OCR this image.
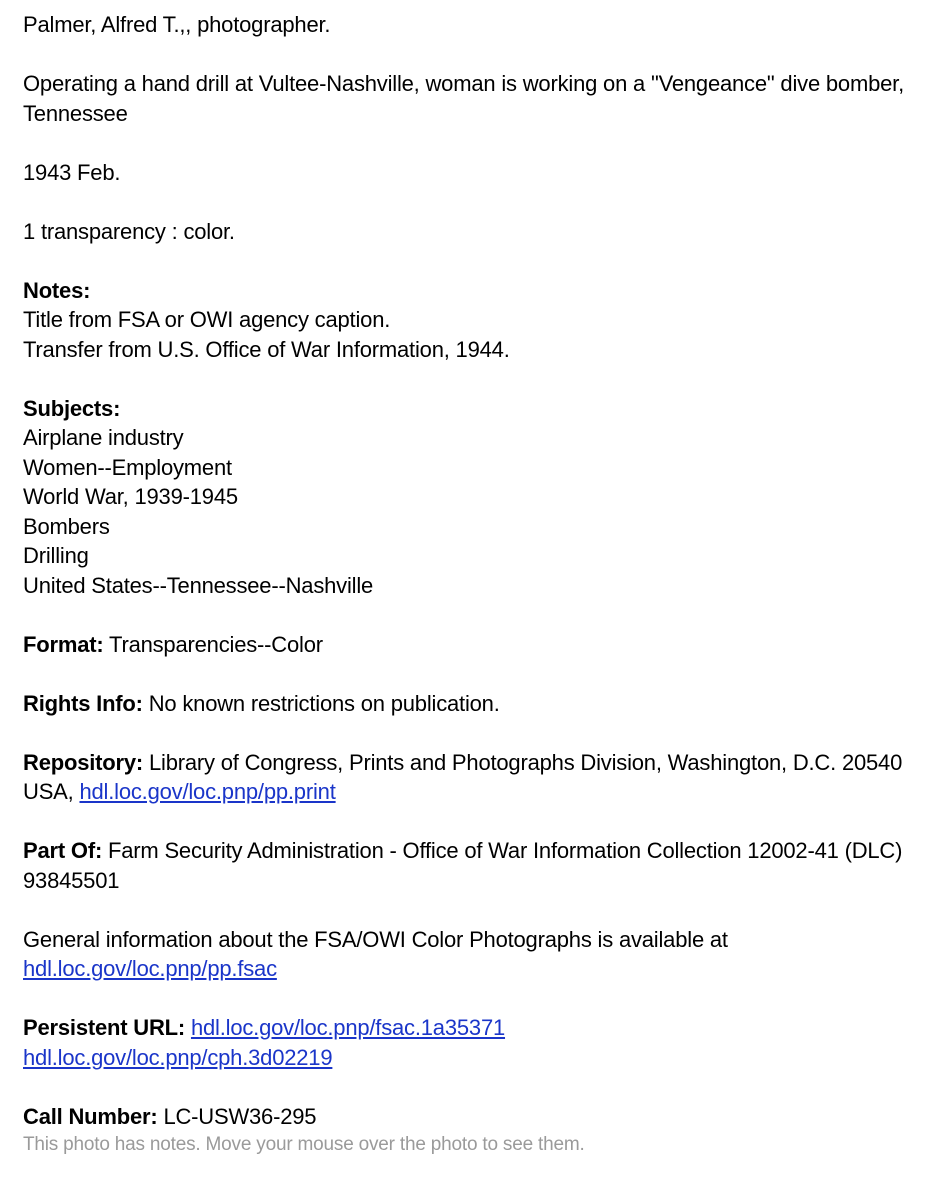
Palmer, Alfred T.,, photographer.
Operating a hand drill at Vultee-Nashville, woman is working on a "Vengeance" dive bomber, Tennessee
1943 Feb.
1 transparency : color.
Notes:
Title from FSA or OWI agency caption.
Transfer from U.S. Office of War Information, 1944.
Subjects:
Airplane industry
Women--Employment
World War, 1939-1945
Bombers
Drilling
United States--Tennessee--Nashville
Format: Transparencies--Color
Rights Info: No known restrictions on publication.
Repository: Library of Congress, Prints and Photographs Division, Washington, D.C. 20540 USA, hdl.loc.gov/loc.pnp/pp.print
Part Of: Farm Security Administration - Office of War Information Collection 12002-41 (DLC) 93845501
General information about the FSA/OWI Color Photographs is available at
hdl.loc.gov/loc.pnp/pp.fsac
Persistent URL: hdl.loc.gov/loc.pnp/fsac.1a35371
hdl.loc.gov/loc.pnp/cph.3d02219
Call Number: LC-USW36-295
This photo has notes. Move your mouse over the photo to see them.
